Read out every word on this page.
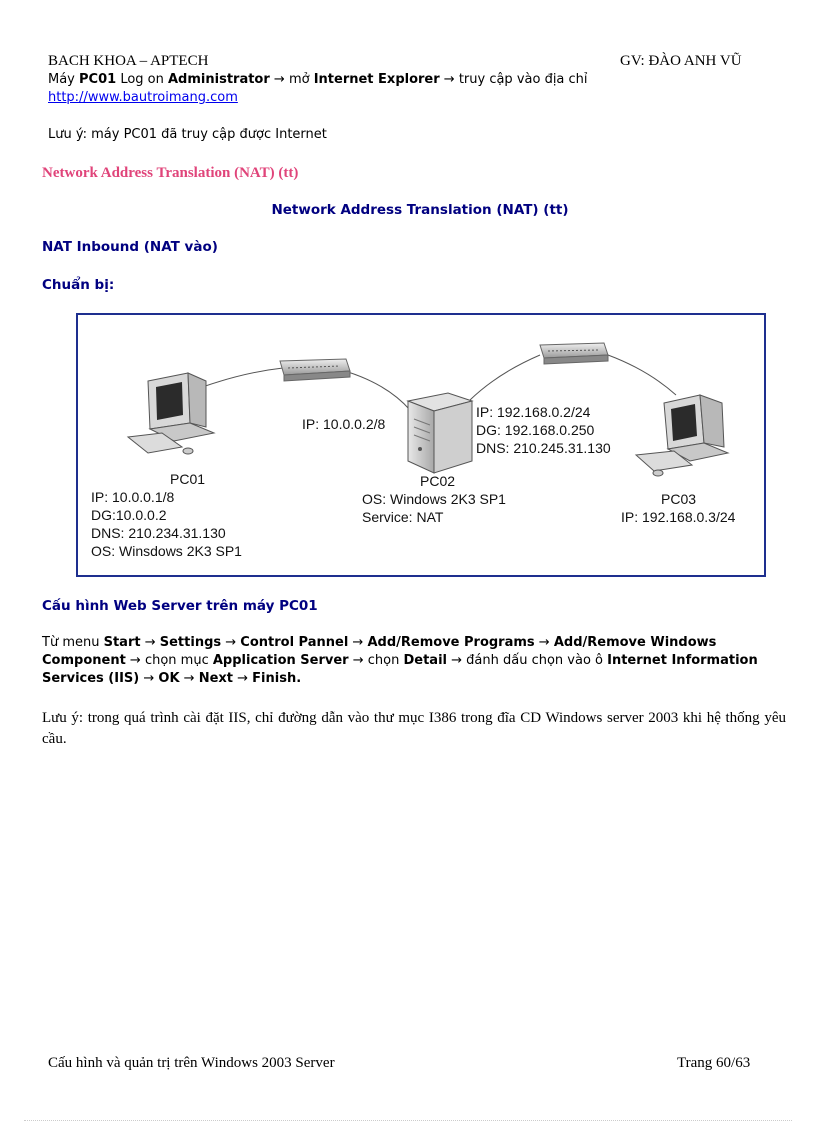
BACH KHOA – APTECH	GV: ĐÀO ANH VŨ
Máy PC01 Log on Administrator → mở Internet Explorer → truy cập vào địa chỉ
http://www.bautroimang.com
Lưu ý: máy PC01 đã truy cập được Internet
Network Address Translation (NAT) (tt)
Network Address Translation (NAT) (tt)
NAT Inbound (NAT vào)
Chuẩn bị:
PC01
IP: 10.0.0.1/8
DG:10.0.0.2
DNS: 210.234.31.130
OS: Winsdows 2K3 SP1
IP: 10.0.0.2/8
IP: 192.168.0.2/24
DG: 192.168.0.250
DNS: 210.245.31.130
PC02
OS: Windows 2K3 SP1
Service: NAT
PC03
IP: 192.168.0.3/24
Cấu hình Web Server trên máy PC01
Từ menu Start → Settings → Control Pannel → Add/Remove Programs → Add/Remove Windows Component → chọn mục Application Server → chọn Detail → đánh dấu chọn vào ô Internet Information Services (IIS) → OK → Next → Finish.
Lưu ý: trong quá trình cài đặt IIS, chỉ đường dẫn vào thư mục I386 trong đĩa CD Windows server 2003 khi hệ thống yêu cầu.
Cấu hình và quản trị trên Windows 2003 Server	Trang 60/63
